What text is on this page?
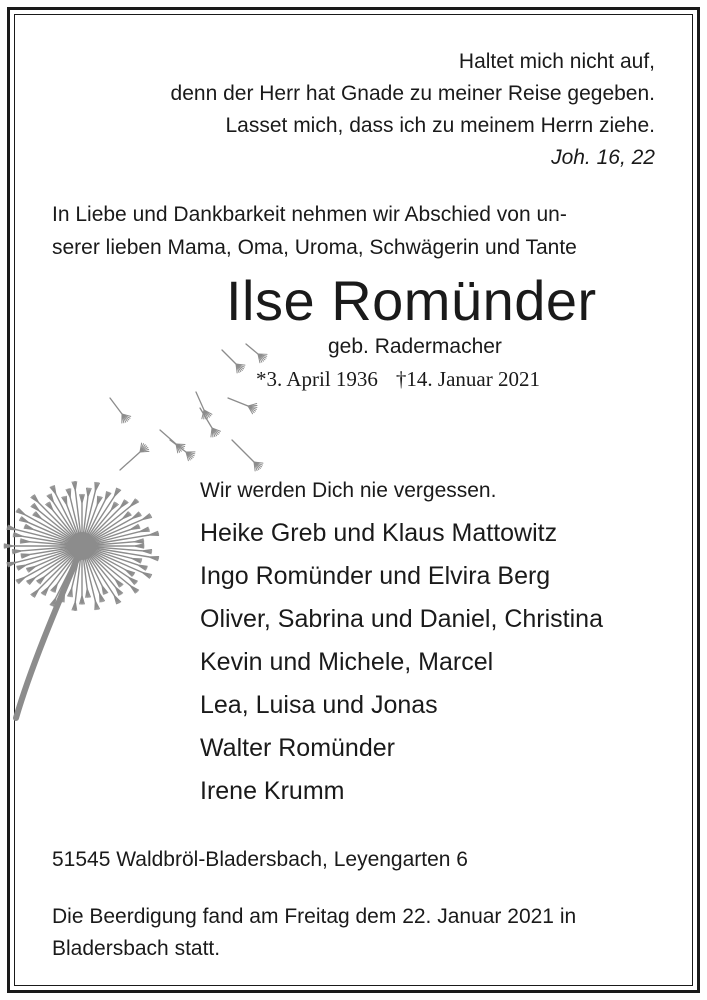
Haltet mich nicht auf,
denn der Herr hat Gnade zu meiner Reise gegeben.
Lasset mich, dass ich zu meinem Herrn ziehe.
Joh. 16, 22
In Liebe und Dankbarkeit nehmen wir Abschied von un-
serer lieben Mama, Oma, Uroma, Schwägerin und Tante
Ilse Romünder
geb. Radermacher
*3. April 1936 †14. Januar 2021
Wir werden Dich nie vergessen.
Heike Greb und Klaus Mattowitz
Ingo Romünder und Elvira Berg
Oliver, Sabrina und Daniel, Christina
Kevin und Michele, Marcel
Lea, Luisa und Jonas
Walter Romünder
Irene Krumm
51545 Waldbröl-Bladersbach, Leyengarten 6
Die Beerdigung fand am Freitag dem 22. Januar 2021 in
Bladersbach statt.
